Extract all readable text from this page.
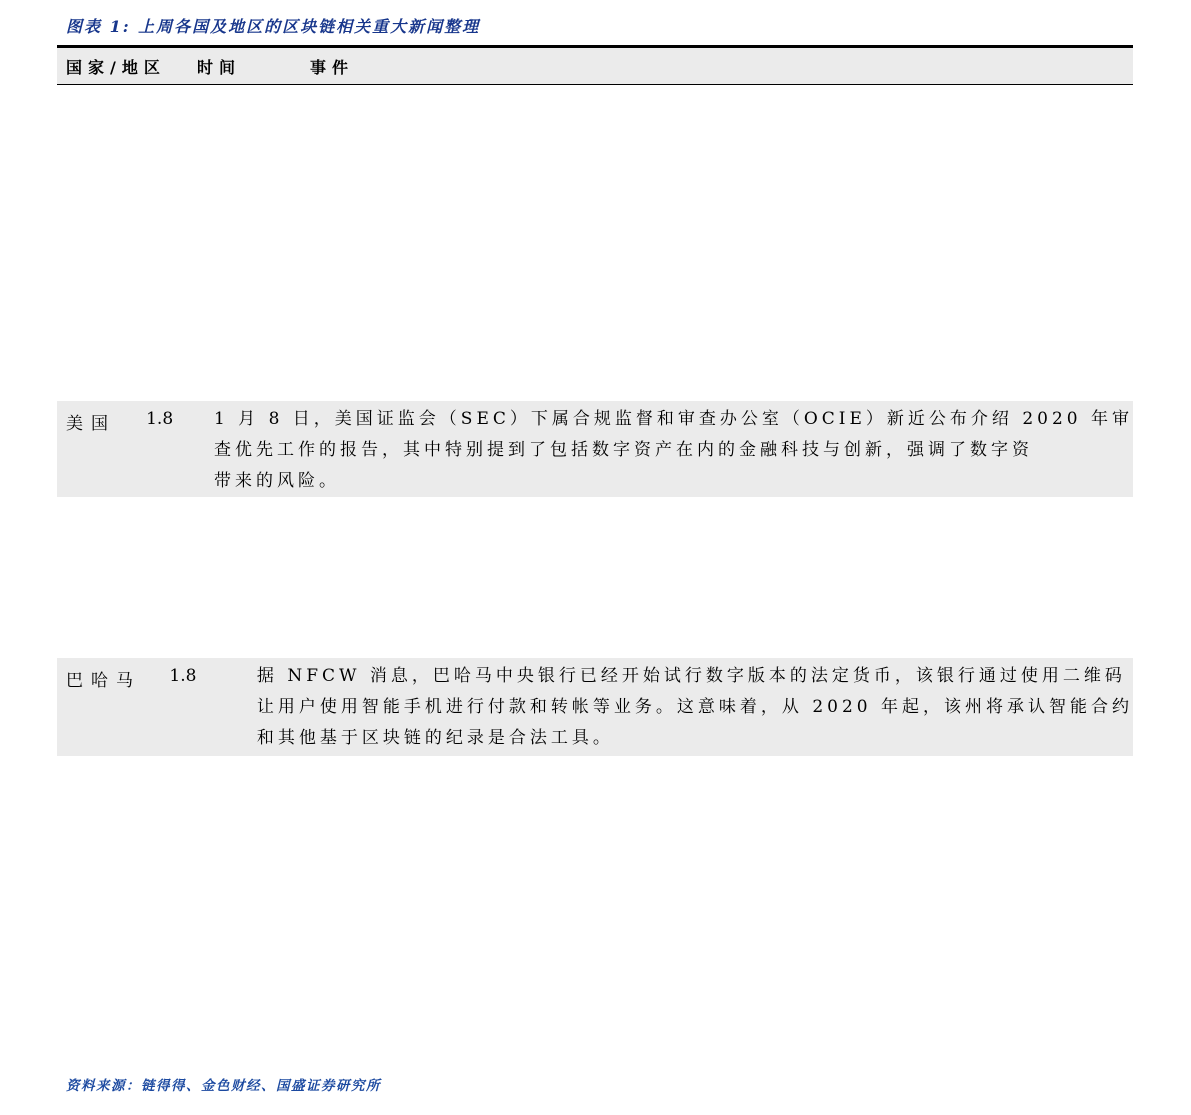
图表 1: 上周各国及地区的区块链相关重大新闻整理
国家/地区	时间	事件
美国	1.8	1 月 8 日，美国证监会（SEC）下属合规监督和审查办公室（OCIE）新近公布介绍 2020 年审
查优先工作的报告，其中特别提到了包括数字资产在内的金融科技与创新，强调了数字资
带来的风险。
巴哈马	1.8	据 NFCW 消息，巴哈马中央银行已经开始试行数字版本的法定货币，该银行通过使用二维码
让用户使用智能手机进行付款和转帐等业务。这意味着，从 2020 年起，该州将承认智能合约
和其他基于区块链的纪录是合法工具。
资料来源：链得得、金色财经、国盛证券研究所
